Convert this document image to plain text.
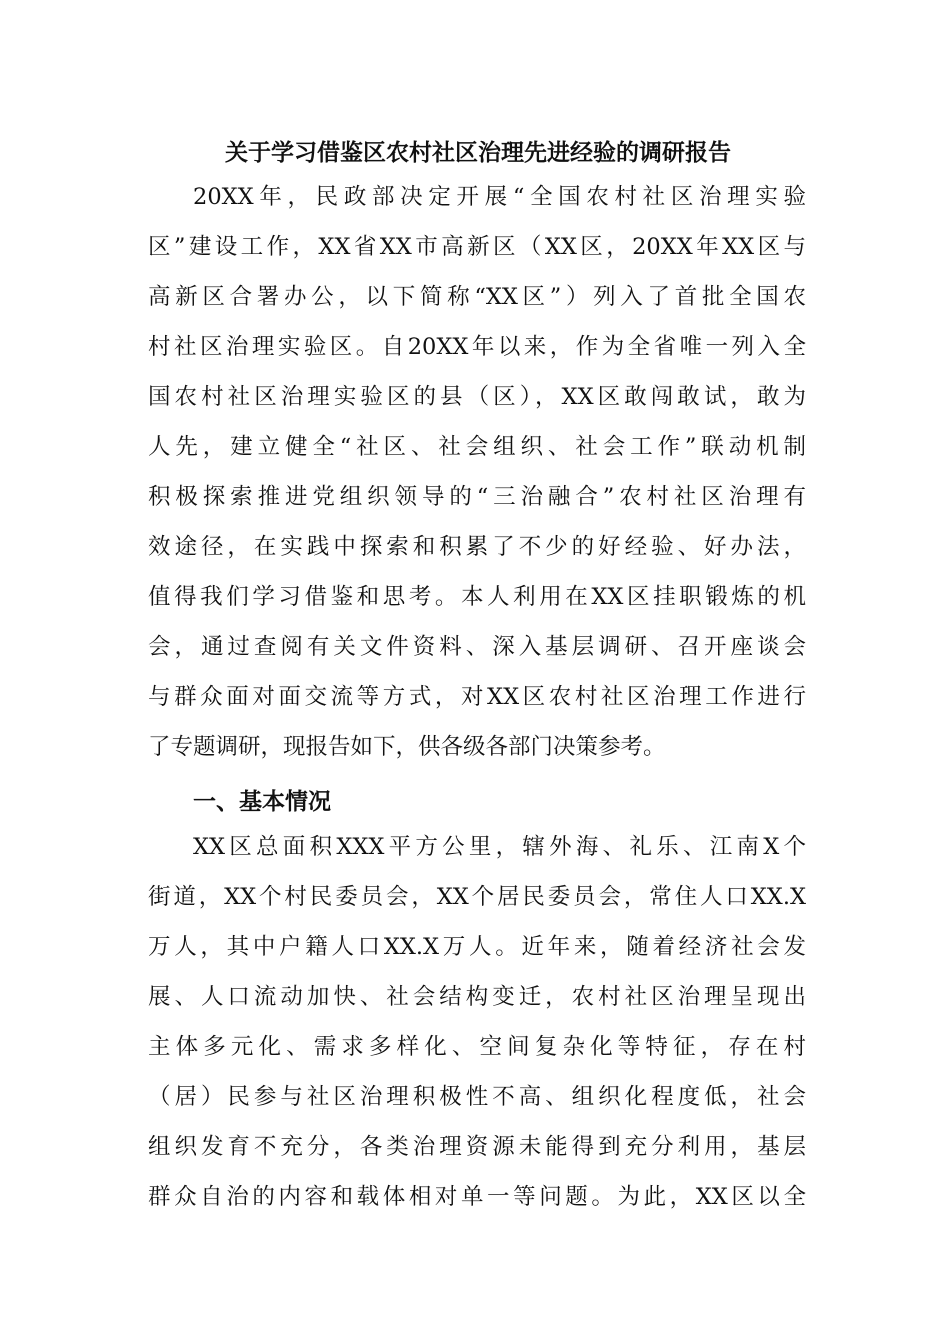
关于学习借鉴区农村社区治理先进经验的调研报告
20XX年，民政部决定开展“全国农村社区治理实验
区”建设工作，XX省XX市高新区（XX区，20XX年XX区与
高新区合署办公，以下简称“XX区”）列入了首批全国农
村社区治理实验区。自20XX年以来，作为全省唯一列入全
国农村社区治理实验区的县（区），XX区敢闯敢试，敢为
人先，建立健全“社区、社会组织、社会工作”联动机制
积极探索推进党组织领导的“三治融合”农村社区治理有
效途径，在实践中探索和积累了不少的好经验、好办法，
值得我们学习借鉴和思考。本人利用在XX区挂职锻炼的机
会，通过查阅有关文件资料、深入基层调研、召开座谈会
与群众面对面交流等方式，对XX区农村社区治理工作进行
了专题调研，现报告如下，供各级各部门决策参考。
一、基本情况
XX区总面积XXX平方公里，辖外海、礼乐、江南X个
街道，XX个村民委员会，XX个居民委员会，常住人口XX.X
万人，其中户籍人口XX.X万人。近年来，随着经济社会发
展、人口流动加快、社会结构变迁，农村社区治理呈现出
主体多元化、需求多样化、空间复杂化等特征，存在村
（居）民参与社区治理积极性不高、组织化程度低，社会
组织发育不充分，各类治理资源未能得到充分利用，基层
群众自治的内容和载体相对单一等问题。为此，XX区以全
